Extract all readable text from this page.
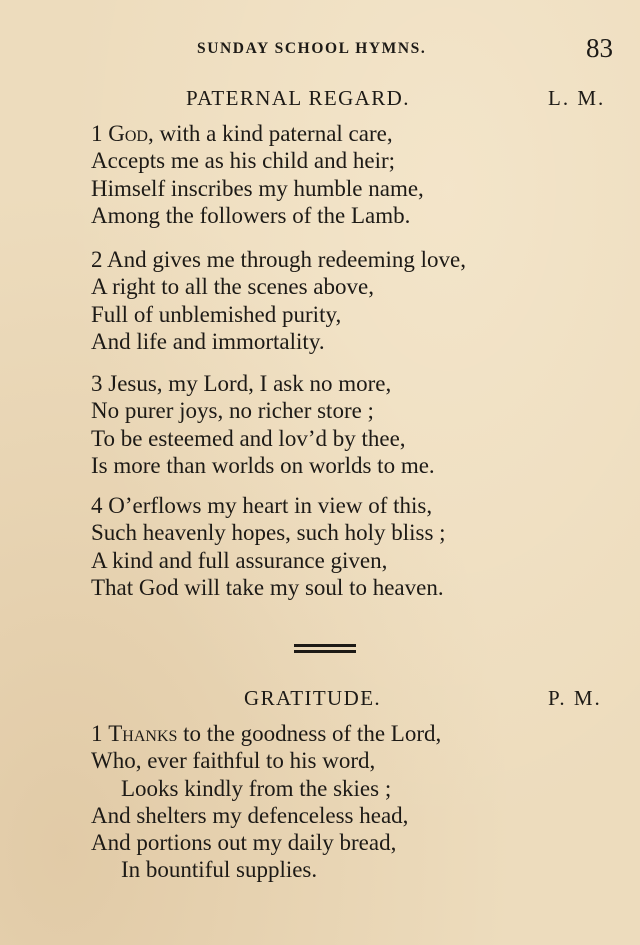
SUNDAY SCHOOL HYMNS.	83
PATERNAL REGARD.	L. M.
1 God, with a kind paternal care,
Accepts me as his child and heir;
Himself inscribes my humble name,
Among the followers of the Lamb.
2 And gives me through redeeming love,
A right to all the scenes above,
Full of unblemished purity,
And life and immortality.
3 Jesus, my Lord, I ask no more,
No purer joys, no richer store ;
To be esteemed and lov’d by thee,
Is more than worlds on worlds to me.
4 O’erflows my heart in view of this,
Such heavenly hopes, such holy bliss ;
A kind and full assurance given,
That God will take my soul to heaven.
GRATITUDE.	P. M.
1 Thanks to the goodness of the Lord,
Who, ever faithful to his word,
Looks kindly from the skies ;
And shelters my defenceless head,
And portions out my daily bread,
In bountiful supplies.
